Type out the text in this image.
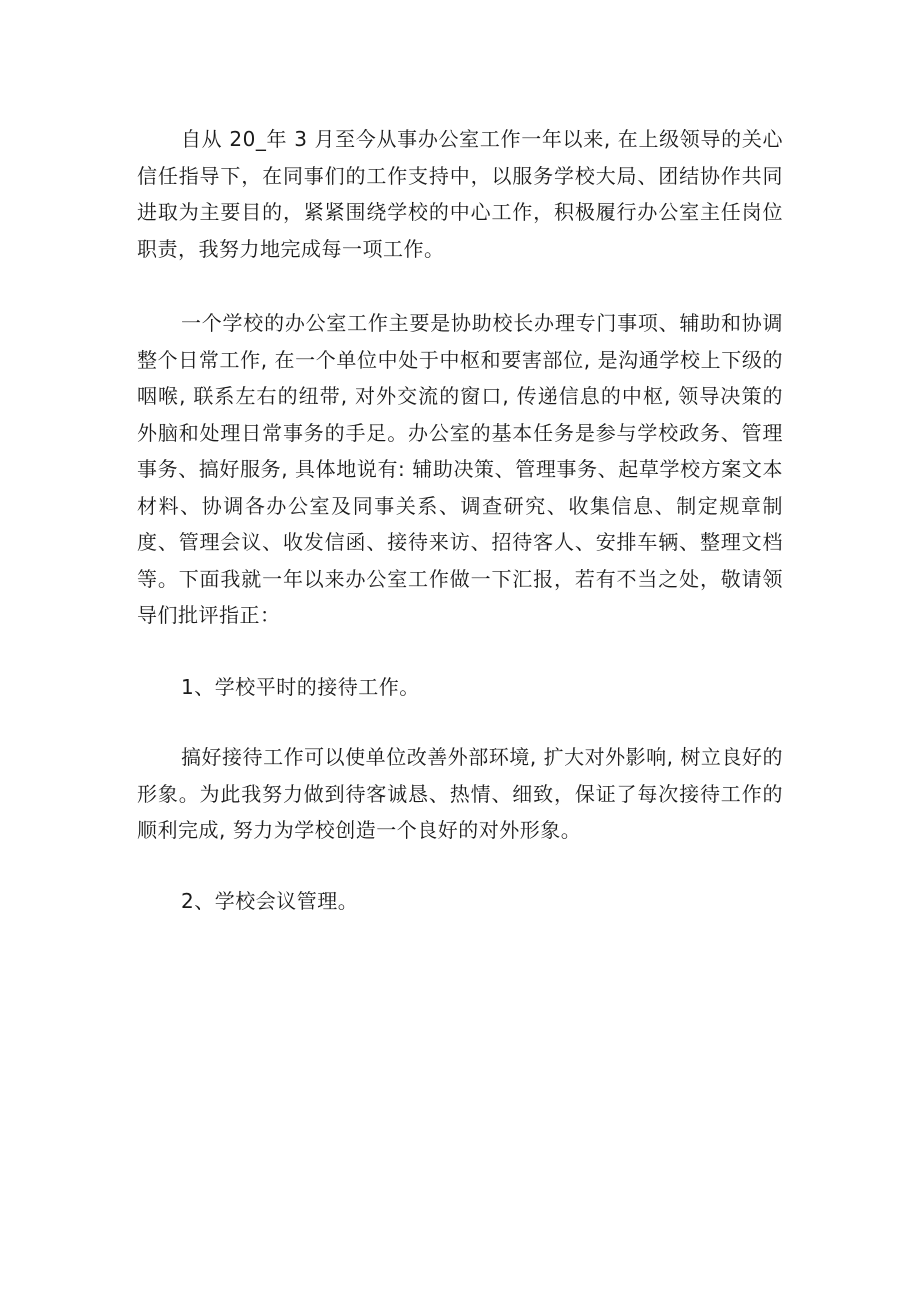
自从 20_年 3 月至今从事办公室工作一年以来, 在上级领导的关心信任指导下，在同事们的工作支持中，以服务学校大局、团结协作共同进取为主要目的，紧紧围绕学校的中心工作，积极履行办公室主任岗位职责，我努力地完成每一项工作。

一个学校的办公室工作主要是协助校长办理专门事项、辅助和协调整个日常工作, 在一个单位中处于中枢和要害部位, 是沟通学校上下级的咽喉, 联系左右的纽带, 对外交流的窗口, 传递信息的中枢, 领导决策的外脑和处理日常事务的手足。办公室的基本任务是参与学校政务、管理事务、搞好服务, 具体地说有: 辅助决策、管理事务、起草学校方案文本材料、协调各办公室及同事关系、调查研究、收集信息、制定规章制度、管理会议、收发信函、接待来访、招待客人、安排车辆、整理文档等。下面我就一年以来办公室工作做一下汇报，若有不当之处，敬请领导们批评指正：

1、学校平时的接待工作。

搞好接待工作可以使单位改善外部环境, 扩大对外影响, 树立良好的形象。为此我努力做到待客诚恳、热情、细致，保证了每次接待工作的顺利完成, 努力为学校创造一个良好的对外形象。

2、学校会议管理。
